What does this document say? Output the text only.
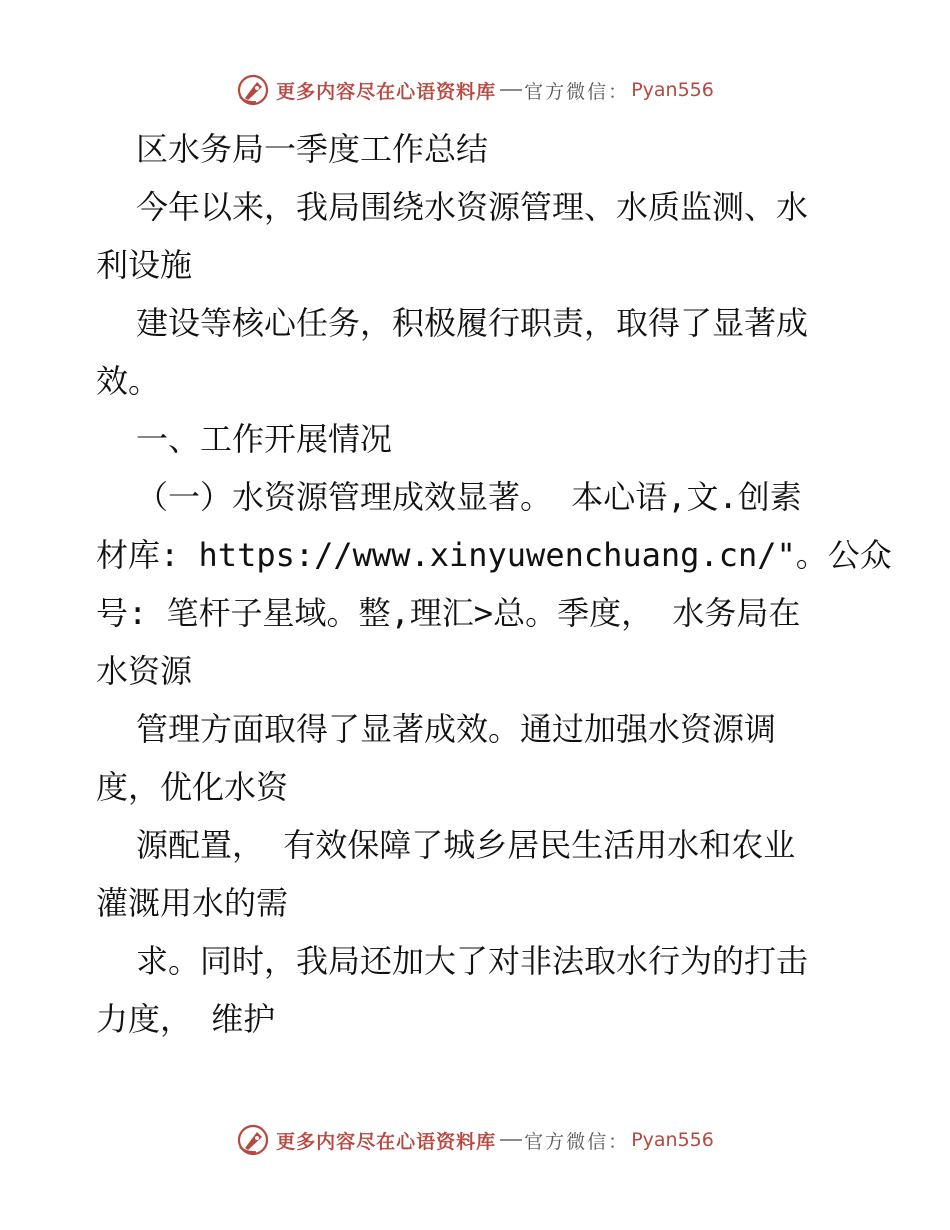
更多内容尽在心语资料库 官方微信： Pyan556
区水务局一季度工作总结
今年以来，我局围绕水资源管理、水质监测、水
利设施
建设等核心任务，积极履行职责，取得了显著成
效。
一、工作开展情况
（一）水资源管理成效显著。 本心语,文.创素
材库: https://www.xinyuwenchuang.cn/"。公众
号: 笔杆子星域。整,理汇>总。季度， 水务局在
水资源
管理方面取得了显著成效。通过加强水资源调
度，优化水资
源配置， 有效保障了城乡居民生活用水和农业
灌溉用水的需
求。同时，我局还加大了对非法取水行为的打击
力度， 维护
更多内容尽在心语资料库 官方微信： Pyan556
